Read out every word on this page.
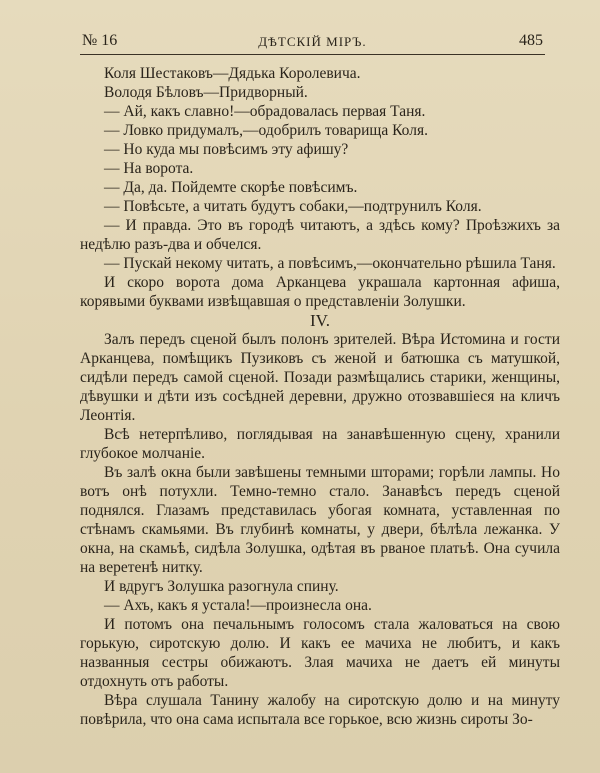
№ 16	ДѢТСКІЙ МІРЪ.	485

Коля Шестаковъ—Дядька Королевича.

Володя Бѣловъ—Придворный.

— Ай, какъ славно!—обрадовалась первая Таня.

— Ловко придумалъ,—одобрилъ товарища Коля.

— Но куда мы повѣсимъ эту афишу?

— На ворота.

— Да, да. Пойдемте скорѣе повѣсимъ.

— Повѣсьте, а читать будутъ собаки,—подтрунилъ Коля.

— И правда. Это въ городѣ читаютъ, а здѣсь кому? Проѣзжихъ за недѣлю разъ-два и обчелся.

— Пускай некому читать, а повѣсимъ,—окончательно рѣшила Таня.

И скоро ворота дома Арканцева украшала картонная афиша, корявыми буквами извѣщавшая о представленіи Золушки.

IV.

Залъ передъ сценой былъ полонъ зрителей. Вѣра Истомина и гости Арканцева, помѣщикъ Пузиковъ съ женой и батюшка съ матушкой, сидѣли передъ самой сценой. Позади размѣщались старики, женщины, дѣвушки и дѣти изъ сосѣдней деревни, дружно отозвавшіеся на кличъ Леонтія.

Всѣ нетерпѣливо, поглядывая на занавѣшенную сцену, хранили глубокое молчаніе.

Въ залѣ окна были завѣшены темными шторами; горѣли лампы. Но вотъ онѣ потухли. Темно-темно стало. Занавѣсъ передъ сценой поднялся. Глазамъ представилась убогая комната, уставленная по стѣнамъ скамьями. Въ глубинѣ комнаты, у двери, бѣлѣла лежанка. У окна, на скамьѣ, сидѣла Золушка, одѣтая въ рваное платьѣ. Она сучила на веретенѣ нитку.

И вдругъ Золушка разогнула спину.

— Ахъ, какъ я устала!—произнесла она.

И потомъ она печальнымъ голосомъ стала жаловаться на свою горькую, сиротскую долю. И какъ ее мачиха не любитъ, и какъ названныя сестры обижаютъ. Злая мачиха не даетъ ей минуты отдохнуть отъ работы.

Вѣра слушала Танину жалобу на сиротскую долю и на минуту повѣрила, что она сама испытала все горькое, всю жизнь сироты Зо-
